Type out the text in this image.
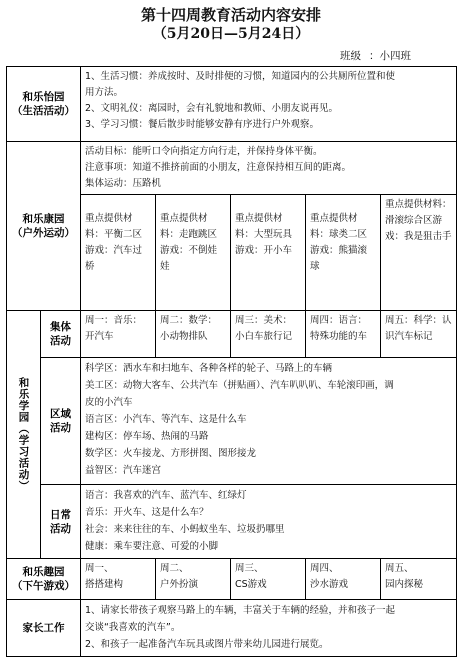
第十四周教育活动内容安排
（5月20日—5月24日）
班级 ：小四班
和乐怡园
（生活活动）
1、生活习惯：养成按时、及时排便的习惯，知道园内的公共厕所位置和使
用方法。
2、文明礼仪：离园时，会有礼貌地和教师、小朋友说再见。
3、学习习惯：餐后散步时能够安静有序进行户外观察。
和乐康园
（户外运动）
活动目标：能听口令向指定方向行走，并保持身体平衡。
注意事项：知道不推挤前面的小朋友，注意保持相互间的距离。
集体运动：压路机
重点提供材料：平衡二区游戏：汽车过桥
重点提供材料：走跑跳区游戏：不倒娃娃
重点提供材料：大型玩具游戏：开小车
重点提供材料：球类二区游戏：熊猫滚球
重点提供材料：滑滚综合区游戏：我是狙击手
和乐学园（学习活动）
集体活动
周一：音乐：开汽车
周二：数学：小动物排队
周三：美术：小白车旅行记
周四：语言：特殊功能的车
周五：科学：认识汽车标记
区域活动
科学区：洒水车和扫地车、各种各样的轮子、马路上的车辆
美工区：动物大客车、公共汽车（拼贴画）、汽车叭叭叭、车轮滚印画，调
皮的小汽车
语言区：小汽车、等汽车、这是什么车
建构区：停车场、热闹的马路
数学区：火车接龙、方形拼图、图形接龙
益智区：汽车迷宫
日常活动
语言：我喜欢的汽车、蓝汽车、红绿灯
音乐：开火车、这是什么车？
社会：来来往往的车、小蚂蚁坐车、垃圾扔哪里
健康：乘车要注意、可爱的小脚
和乐趣园
（下午游戏）
周一、
搭搭建构
周二、
户外扮演
周三、
CS游戏
周四、
沙水游戏
周五、
园内探秘
家长工作
1、请家长带孩子观察马路上的车辆，丰富关于车辆的经验，并和孩子一起
交谈“我喜欢的汽车”。
2、和孩子一起准备汽车玩具或图片带来幼儿园进行展览。
